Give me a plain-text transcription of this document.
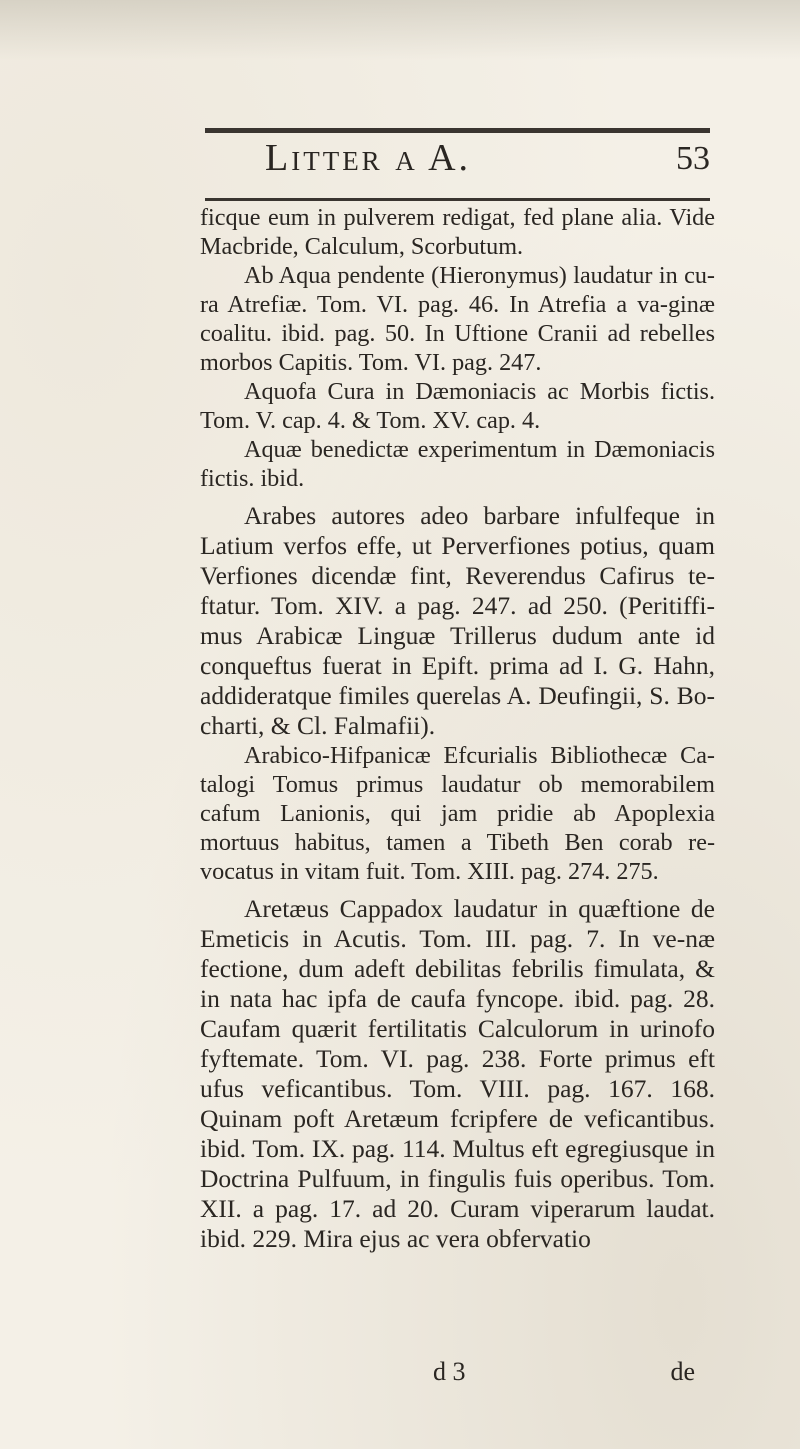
Litter a A.	53

ficque eum in pulverem redigat, fed plane alia. Vide Macbride, Calculum, Scorbutum.

Ab Aqua pendente (Hieronymus) laudatur in cu-ra Atrefiæ. Tom. VI. pag. 46. In Atrefia a va-ginæ coalitu. ibid. pag. 50. In Uftione Cranii ad rebelles morbos Capitis. Tom. VI. pag. 247.

Aquofa Cura in Dæmoniacis ac Morbis fictis. Tom. V. cap. 4. & Tom. XV. cap. 4.

Aquæ benedictæ experimentum in Dæmoniacis fictis. ibid.

Arabes autores adeo barbare infulfeque in Latium verfos effe, ut Perverfiones potius, quam Verfiones dicendæ fint, Reverendus Cafirus te-ftatur. Tom. XIV. a pag. 247. ad 250. (Peritiffi-mus Arabicæ Linguæ Trillerus dudum ante id conqueftus fuerat in Epift. prima ad I. G. Hahn, addideratque fimiles querelas A. Deufingii, S. Bo-charti, & Cl. Falmafii).

Arabico-Hifpanicæ Efcurialis Bibliothecæ Ca-talogi Tomus primus laudatur ob memorabilem cafum Lanionis, qui jam pridie ab Apoplexia mortuus habitus, tamen a Tibeth Ben corab re-vocatus in vitam fuit. Tom. XIII. pag. 274. 275.

Aretæus Cappadox laudatur in quæftione de Emeticis in Acutis. Tom. III. pag. 7. In ve-næ fectione, dum adeft debilitas febrilis fimulata, & in nata hac ipfa de caufa fyncope. ibid. pag. 28. Caufam quærit fertilitatis Calculorum in urinofo fyftemate. Tom. VI. pag. 238. Forte primus eft ufus veficantibus. Tom. VIII. pag. 167. 168. Quinam poft Aretæum fcripfere de veficantibus. ibid. Tom. IX. pag. 114. Multus eft egregiusque in Doctrina Pulfuum, in fingulis fuis operibus. Tom. XII. a pag. 17. ad 20. Curam viperarum laudat. ibid. 229. Mira ejus ac vera obfervatio

d 3	de
